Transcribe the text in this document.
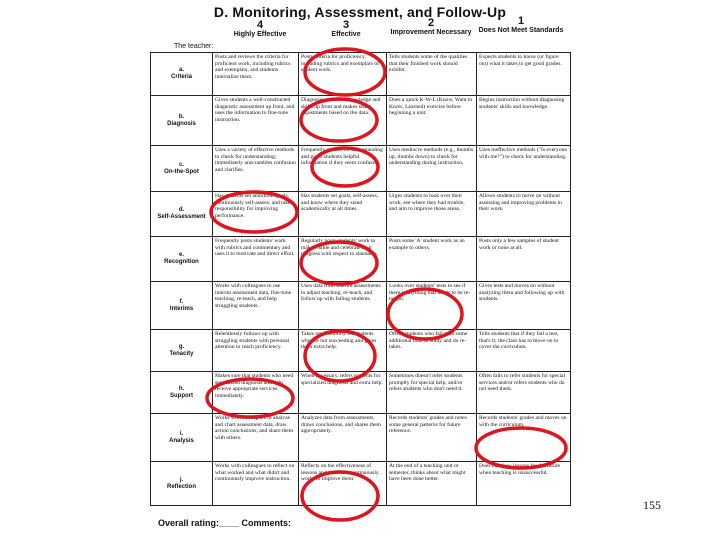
D. Monitoring, Assessment, and Follow-Up
4
Highly Effective
3
Effective
2
Improvement Necessary
1
Does Not Meet Standards
The teacher:
a.
Criteria	Posts and reviews the criteria for proficient work, including rubrics and exemplars, and students internalize them.	Posts criteria for proficiency, including rubrics and exemplars of student work.	Tells students some of the qualities that their finished work should exhibit.	Expects students to know (or figure out) what it takes to get good grades.

b.
Diagnosis	Gives students a well-constructed diagnostic assessment up front, and uses the information to fine-tune instruction.	Diagnoses students' knowledge and skills up front and makes small adjustments based on the data.	Does a quick K-W-L (Know, Want to Know, Learned) exercise before beginning a unit.	Begins instruction without diagnosing students' skills and knowledge.

c.
On-the-Spot	Uses a variety of effective methods to check for understanding; immediately unscrambles confusion and clarifies.	Frequently checks for understanding and gives students helpful information if they seem confused.	Uses mediocre methods (e.g., thumbs up, thumbs down) to check for understanding during instruction.	Uses ineffective methods ("Is everyone with me?") to check for understanding.

d.
Self-Assessment	Has students set ambitious goals, continuously self-assess, and take responsibility for improving performance.	Has students set goals, self-assess, and know where they stand academically at all times.	Urges students to look over their work, see where they had trouble, and aim to improve those areas.	Allows students to move on without assessing and improving problems in their work.

e.
Recognition	Frequently posts students' work with rubrics and commentary and uses it to motivate and direct effort.	Regularly posts students' work to make visible and celebrate their progress with respect to standards.	Posts some 'A' student work as an example to others.	Posts only a few samples of student work or none at all.

f.
Interims	Works with colleagues to use interim assessment data, fine-tune teaching, re-teach, and help struggling students.	Uses data from interim assessments to adjust teaching, re-teach, and follow up with failing students.	Looks over students' tests to see if there is anything that needs to be re-taught.	Gives tests and moves on without analyzing them and following up with students.

g.
Tenacity	Relentlessly follows up with struggling students with personal attention to reach proficiency.	Takes responsibility for students who are not succeeding and gives them extra help.	Offers students who fail tests some additional time to study and do re-takes.	Tells students that if they fail a test, that's it; the class has to move on to cover the curriculum.

h.
Support	Makes sure that students who need specialized diagnosis and help receive appropriate services immediately.	When necessary, refers students for specialized diagnosis and extra help.	Sometimes doesn't refer students promptly for special help, and/or refers students who don't need it.	Often fails to refer students for special services and/or refers students who do not need them.

i.
Analysis	Works with colleagues to analyze and chart assessment data, draw action conclusions, and share them with others.	Analyzes data from assessments, draws conclusions, and shares them appropriately.	Records students' grades and notes some general patterns for future reference.	Records students' grades and moves on with the curriculum.

j.
Reflection	Works with colleagues to reflect on what worked and what didn't and continuously improve instruction.	Reflects on the effectiveness of lessons and units and continuously works to improve them.	At the end of a teaching unit or semester, thinks about what might have been done better.	Does not draw lessons for the future when teaching is unsuccessful.
Overall rating:____ Comments:
155
